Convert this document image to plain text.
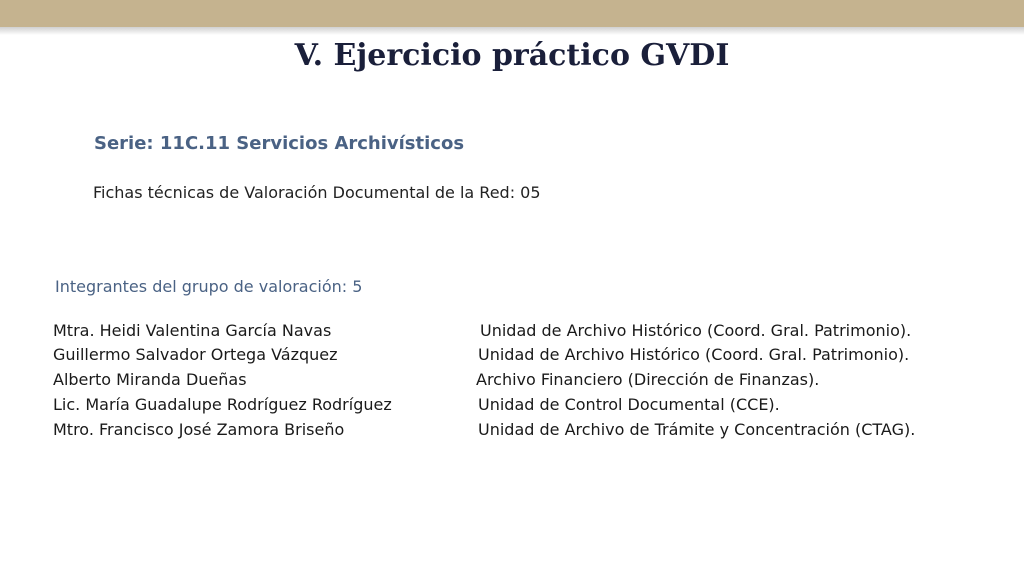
V. Ejercicio práctico GVDI
Serie: 11C.11 Servicios Archivísticos
Fichas técnicas de Valoración Documental de la Red: 05
Integrantes del grupo de valoración: 5
Mtra. Heidi Valentina García Navas	Unidad de Archivo Histórico (Coord. Gral. Patrimonio).
Guillermo Salvador Ortega Vázquez	Unidad de Archivo Histórico (Coord. Gral. Patrimonio).
Alberto Miranda Dueñas	Archivo Financiero (Dirección de Finanzas).
Lic. María Guadalupe Rodríguez Rodríguez	Unidad de Control Documental (CCE).
Mtro. Francisco José Zamora Briseño	Unidad de Archivo de Trámite y Concentración (CTAG).
